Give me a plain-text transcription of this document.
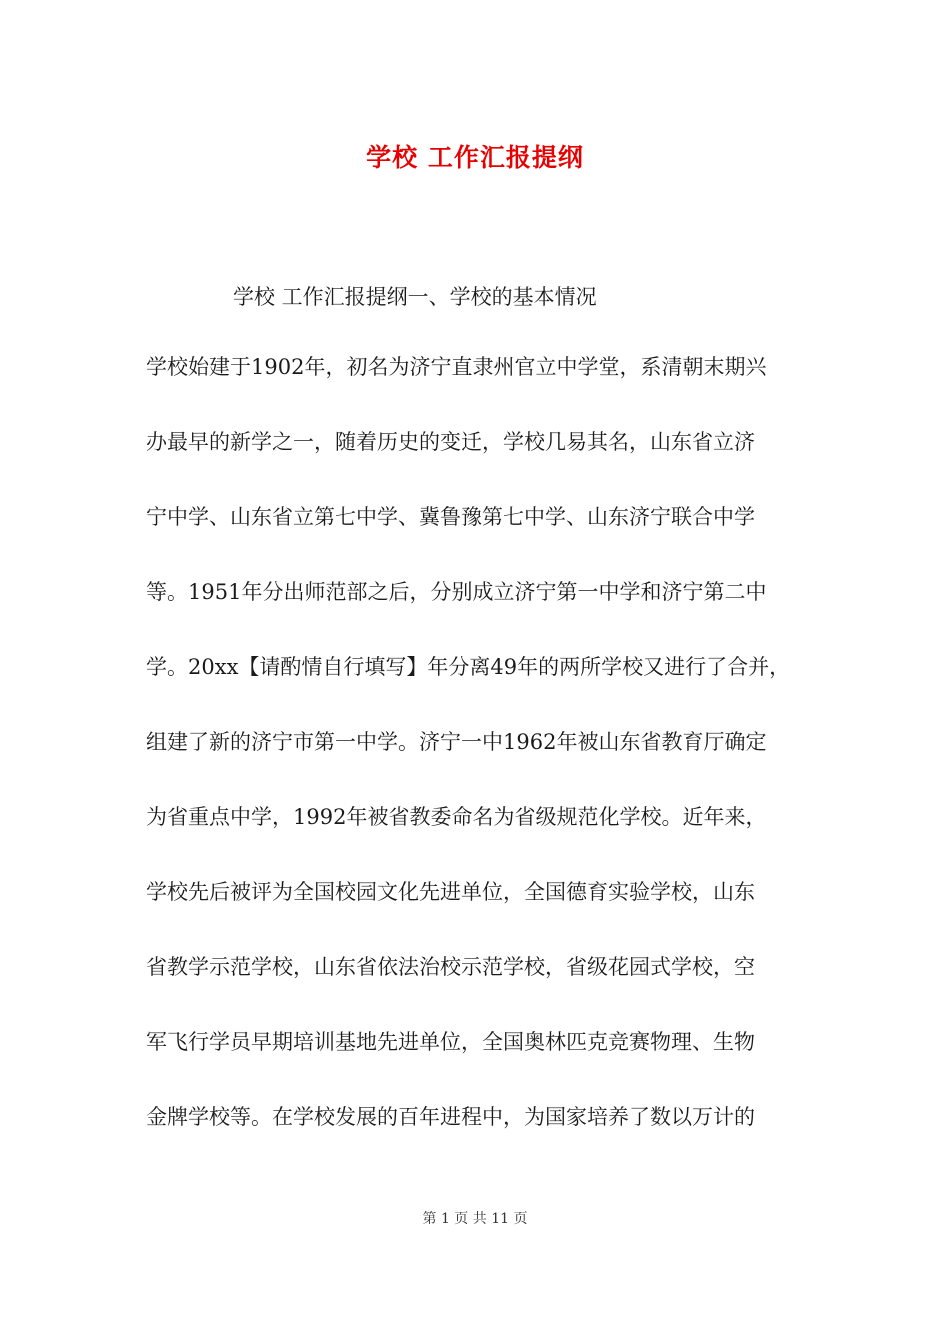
学校 工作汇报提纲
学校 工作汇报提纲一、学校的基本情况
学校始建于1902年，初名为济宁直隶州官立中学堂，系清朝末期兴
办最早的新学之一，随着历史的变迁，学校几易其名，山东省立济
宁中学、山东省立第七中学、冀鲁豫第七中学、山东济宁联合中学
等。1951年分出师范部之后，分别成立济宁第一中学和济宁第二中
学。20xx【请酌情自行填写】年分离49年的两所学校又进行了合并，
组建了新的济宁市第一中学。济宁一中1962年被山东省教育厅确定
为省重点中学，1992年被省教委命名为省级规范化学校。近年来，
学校先后被评为全国校园文化先进单位，全国德育实验学校，山东
省教学示范学校，山东省依法治校示范学校，省级花园式学校，空
军飞行学员早期培训基地先进单位，全国奥林匹克竞赛物理、生物
金牌学校等。在学校发展的百年进程中，为国家培养了数以万计的
第 1 页 共 11 页
